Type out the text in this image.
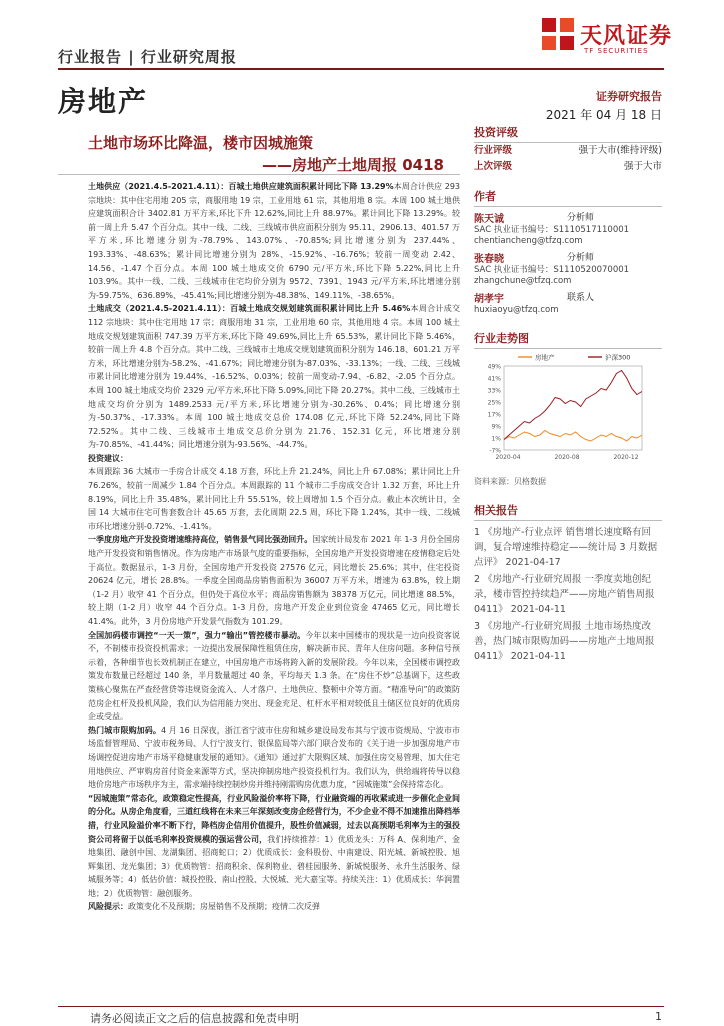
行业报告 | 行业研究周报
天风证券
TF SECURITIES
房地产	证券研究报告
2021 年 04 月 18 日
土地市场环比降温，楼市因城施策
——房地产土地周报 0418

土地供应（2021.4.5-2021.4.11）：百城土地供应建筑面积累计同比下降 13.29%本周合计供应 293 宗地块：其中住宅用地 205 宗，商服用地 19 宗，工业用地 61 宗，其他用地 8 宗。本周 100 城土地供应建筑面积合计 3402.81 万平方米,环比下升 12.62%,同比上升 88.97%。累计同比下降 13.29%。较前一周上升 5.47 个百分点。其中一线、二线、三线城市供应面积分别为 95.11、2906.13、401.57 万平方米,环比增速分别为-78.79%、143.07%、-70.85%;同比增速分别为 237.44%、193.33%、-48.63%；累计同比增速分别为 28%、-15.92%、-16.76%；较前一周变动 2.42、14.56、-1.47 个百分点。本周 100 城土地成交价 6790 元/平方米,环比下降 5.22%,同比上升 103.9%。其中一线、二线、三线城市住宅均价分别为 9572、7391、1943 元/平方米,环比增速分别为-59.75%、636.89%、-45.41%;同比增速分别为-48.38%、149.11%、-38.65%。

土地成交（2021.4.5-2021.4.11）：百城土地成交规划建筑面积累计同比上升 5.46%本周合计成交 112 宗地块：其中住宅用地 17 宗；商服用地 31 宗，工业用地 60 宗，其他用地 4 宗。本周 100 城土地成交规划建筑面积 747.39 万平方米,环比下降 49.69%,同比上升 65.53%，累计同比下降 5.46%，较前一周上升 4.8 个百分点。其中二线、三线城市土地成交规划建筑面积分别为 146.18、601.21 万平方米，环比增速分别为-58.2%、-41.67%；同比增速分别为-87.03%、-33.13%；一线、二线、三线城市累计同比增速分别为 19.44%、-16.52%、0.03%；较前一周变动-7.94、-6.82、-2.05 个百分点。本周 100 城土地成交均价 2329 元/平方米,环比下降 5.09%,同比下降 20.27%。其中二线、三线城市土地成交均价分别为 1489.2533 元/平方米,环比增速分别为-30.26%、0.4%；同比增速分别为-50.37%、-17.33%。本周 100 城土地成交总价 174.08 亿元,环比下降 52.24%,同比下降 72.52%。其中二线、三线城市土地成交总价分别为 21.76、152.31 亿元，环比增速分别为-70.85%、-41.44%；同比增速分别为-93.56%、-44.7%。

投资建议：

本周跟踪 36 大城市一手房合计成交 4.18 万套，环比上升 21.24%，同比上升 67.08%；累计同比上升 76.26%，较前一周减少 1.84 个百分点。本周跟踪的 11 个城市二手房成交合计 1.32 万套，环比上升 8.19%，同比上升 35.48%，累计同比上升 55.51%，较上周增加 1.5 个百分点。截止本次统计日，全国 14 大城市住宅可售套数合计 45.65 万套，去化周期 22.5 周，环比下降 1.24%，其中一线、二线城市环比增速分别-0.72%、-1.41%。

一季度房地产开发投资增速维持高位，销售景气同比强劲回升。国家统计局发布 2021 年 1-3 月份全国房地产开发投资和销售情况。作为房地产市场景气度的重要指标，全国房地产开发投资增速在疫情稳定后处于高位。数据显示，1-3 月份，全国房地产开发投资 27576 亿元，同比增长 25.6%；其中，住宅投资 20624 亿元，增长 28.8%。一季度全国商品房销售面积为 36007 万平方米，增速为 63.8%，较上期（1-2 月）收窄 41 个百分点，但仍处于高位水平；商品房销售额为 38378 万亿元，同比增速 88.5%，较上期（1-2 月）收窄 44 个百分点。1-3 月份，房地产开发企业到位资金 47465 亿元，同比增长 41.4%。此外，3 月份房地产开发景气指数为 101.29。

全国加码楼市调控“一天一策”，强力“输出”管控楼市暴动。今年以来中国楼市的现状是一边向投资客说不，不制楼市投资投机需求；一边提出发展保障性租赁住房，解决新市民、青年人住房问题。多种信号预示着，各种细节也长效机制正在建立，中国房地产市场将跨入新的发展阶段。今年以来，全国楼市调控政策发布数量已经超过 140 条，半月数量超过 40 条，平均每天 1.3 条。在“房住不炒”总基调下，这些政策核心聚焦在严查经营贷等违规资金流入、人才落户、土地供应、整顿中介等方面。“精准导向”的政策防范房企杠杆及投机风险，我们认为信用能力突出、现金充足、杠杆水平相对较低且土储区位良好的优质房企或受益。

热门城市限购加码。4 月 16 日深夜，浙江省宁波市住房和城乡建设局发布其与宁波市资规局、宁波市市场监督管理局、宁波市税务局、人行宁波支行、银保监局等六部门联合发布的《关于进一步加强房地产市场调控促进房地产市场平稳健康发展的通知》。《通知》通过扩大限购区域、加强住房交易管理、加大住宅用地供应、严审购房首付资金来源等方式，坚决抑制房地产投资投机行为。我们认为，供给端将传导以稳地价房地产市场秩序为主，需求端持续控制炒房并维持刚需购房优惠力度，“因城施策”会保持常态化。

“因城施策”常态化，政策稳定性提高，行业风险溢价率将下降，行业融资端的再收紧或进一步催化企业间的分化。从房企角度看，三道红线将在未来三年深刻改变房企经营行为，不少企业不得不加速推出降档举措，行业风险溢价率不断下行，降档房企信用价值提升，股性价值减弱，过去以高预期毛利率为主的强投资公司将留于以低毛利率投资规模的强运营公司，我们持续推荐：1）优质龙头：万科 A、保利地产、金地集团、融创中国、龙湖集团、招商蛇口；2）优质成长：金科股份、中南建设、阳光城、新城控股、旭辉集团、龙光集团；3）优质物管：招商积余、保利物业、碧桂园服务、新城悦服务、永升生活服务、绿城服务等；4）低估价值：城投控股、南山控股、大悦城、光大嘉宝等。持续关注：1）优质成长：华润置地；2）优质物管：融创服务。

风险提示：政策变化不及预期；房屋销售不及预期；疫情二次反弹

投资评级
行业评级	强于大市(维持评级)
上次评级	强于大市
作者
陈天诚	分析师
SAC 执业证书编号：S1110517110001
chentiancheng@tfzq.com
张春晓	分析师
SAC 执业证书编号：S1110520070001
zhangchune@tfzq.com
胡孝宇	联系人
huxiaoyu@tfzq.com
行业走势图
49%
41%
33%
25%
17%
9%
1%
-7%
2020-04	2020-08	2020-12
房地产	沪深300
资料来源：贝格数据
相关报告
1 《房地产-行业点评 销售增长速度略有回调，复合增速维持稳定——统计局 3 月数据点评》 2021-04-17
2 《房地产-行业研究周报 一季度卖地创纪录，楼市管控持续趋严——房地产销售周报 0411》 2021-04-11
3 《房地产-行业研究周报 土地市场热度改善，热门城市限购加码——房地产土地周报 0411》 2021-04-11
请务必阅读正文之后的信息披露和免责申明	1
